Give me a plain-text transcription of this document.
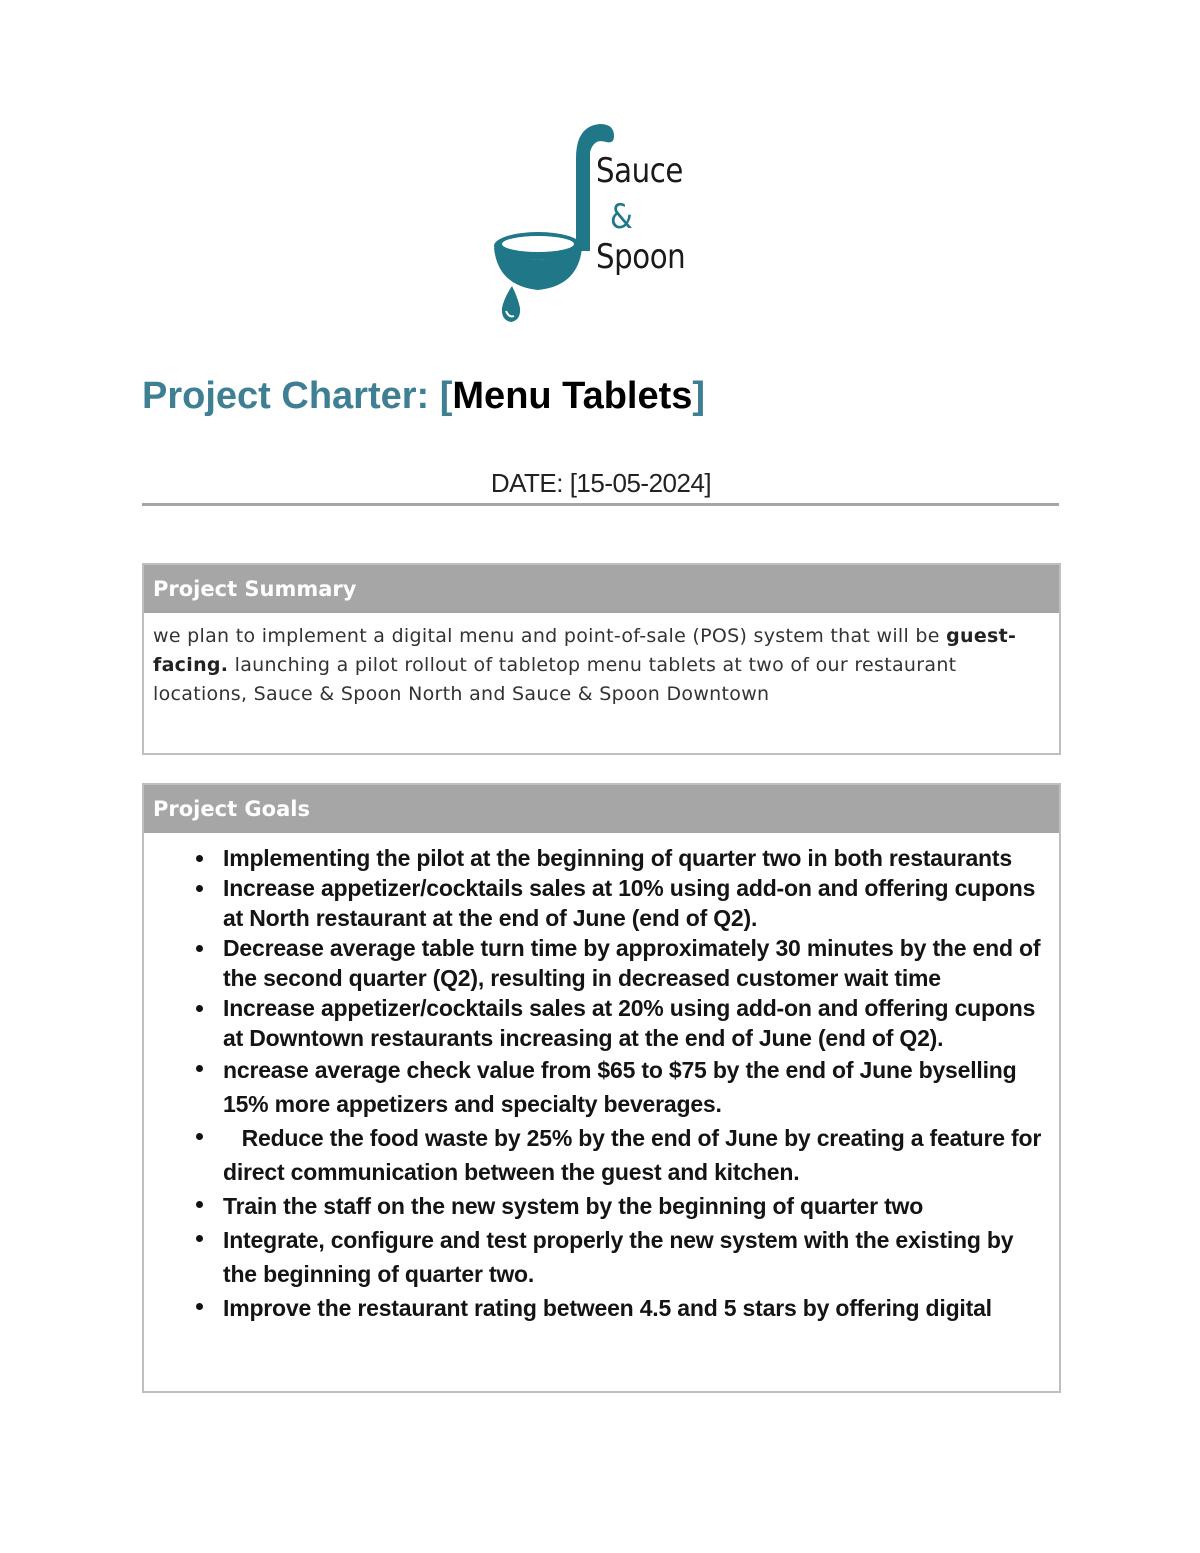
Sauce
&
Spoon
Project Charter: [Menu Tablets]
DATE: [15-05-2024]
Project Summary
we plan to implement a digital menu and point-of-sale (POS) system that will be guest-facing. launching a pilot rollout of tabletop menu tablets at two of our restaurant locations, Sauce & Spoon North and Sauce & Spoon Downtown
Project Goals
Implementing the pilot at the beginning of quarter two in both restaurants
Increase appetizer/cocktails sales at 10% using add-on and offering cupons at North restaurant at the end of June (end of Q2).
Decrease average table turn time by approximately 30 minutes by the end of the second quarter (Q2), resulting in decreased customer wait time
Increase appetizer/cocktails sales at 20% using add-on and offering cupons at Downtown restaurants increasing at the end of June (end of Q2).
ncrease average check value from $65 to $75 by the end of June byselling 15% more appetizers and specialty beverages.
Reduce the food waste by 25% by the end of June by creating a feature for direct communication between the guest and kitchen.
Train the staff on the new system by the beginning of quarter two
Integrate, configure and test properly the new system with the existing by the beginning of quarter two.
Improve the restaurant rating between 4.5 and 5 stars by offering digital
